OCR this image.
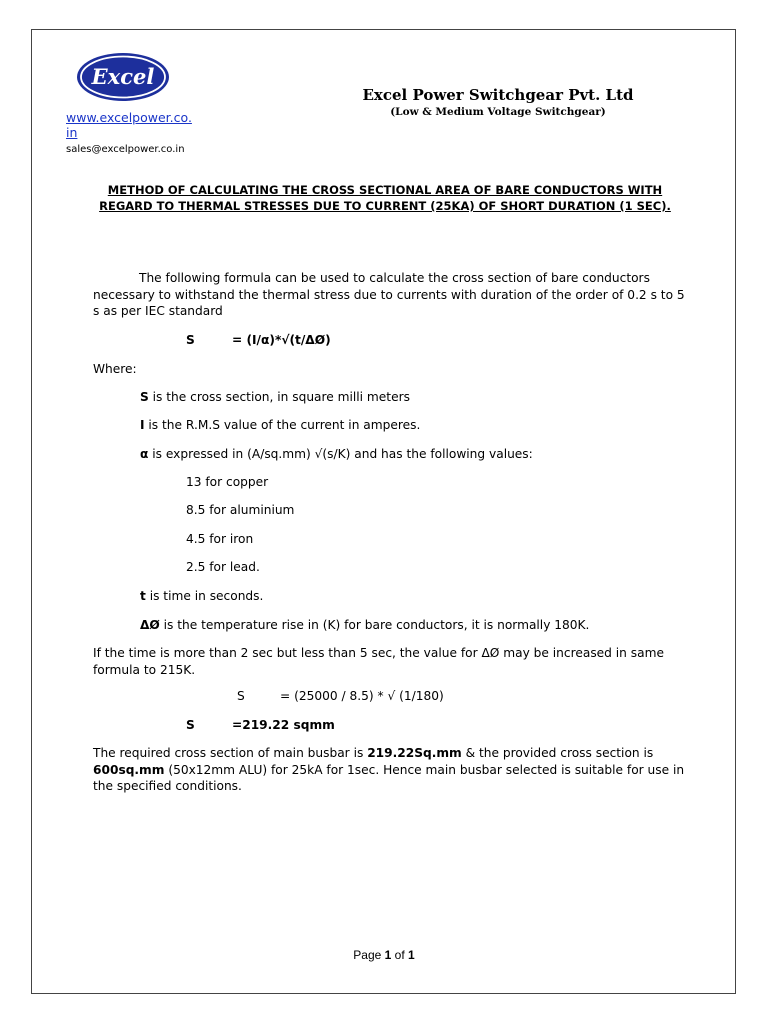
Excel
www.excelpower.co.in
sales@excelpower.co.in
Excel Power Switchgear Pvt. Ltd
(Low & Medium Voltage Switchgear)
METHOD OF CALCULATING THE CROSS SECTIONAL AREA OF BARE CONDUCTORS WITH REGARD TO THERMAL STRESSES DUE TO CURRENT (25KA) OF SHORT DURATION (1 SEC).
The following formula can be used to calculate the cross section of bare conductors necessary to withstand the thermal stress due to currents with duration of the order of 0.2 s to 5 s as per IEC standard
S	= (I/α)*√(t/ΔØ)
Where:
S is the cross section, in square milli meters
I is the R.M.S value of the current in amperes.
α is expressed in (A/sq.mm) √(s/K) and has the following values:
13 for copper
8.5 for aluminium
4.5 for iron
2.5 for lead.
t is time in seconds.
ΔØ is the temperature rise in (K) for bare conductors, it is normally 180K.
If the time is more than 2 sec but less than 5 sec, the value for ΔØ may be increased in same formula to 215K.
S	= (25000 / 8.5) * √ (1/180)
S	=219.22 sqmm
The required cross section of main busbar is 219.22Sq.mm & the provided cross section is 600sq.mm (50x12mm ALU) for 25kA for 1sec. Hence main busbar selected is suitable for use in the specified conditions.
Page 1 of 1
